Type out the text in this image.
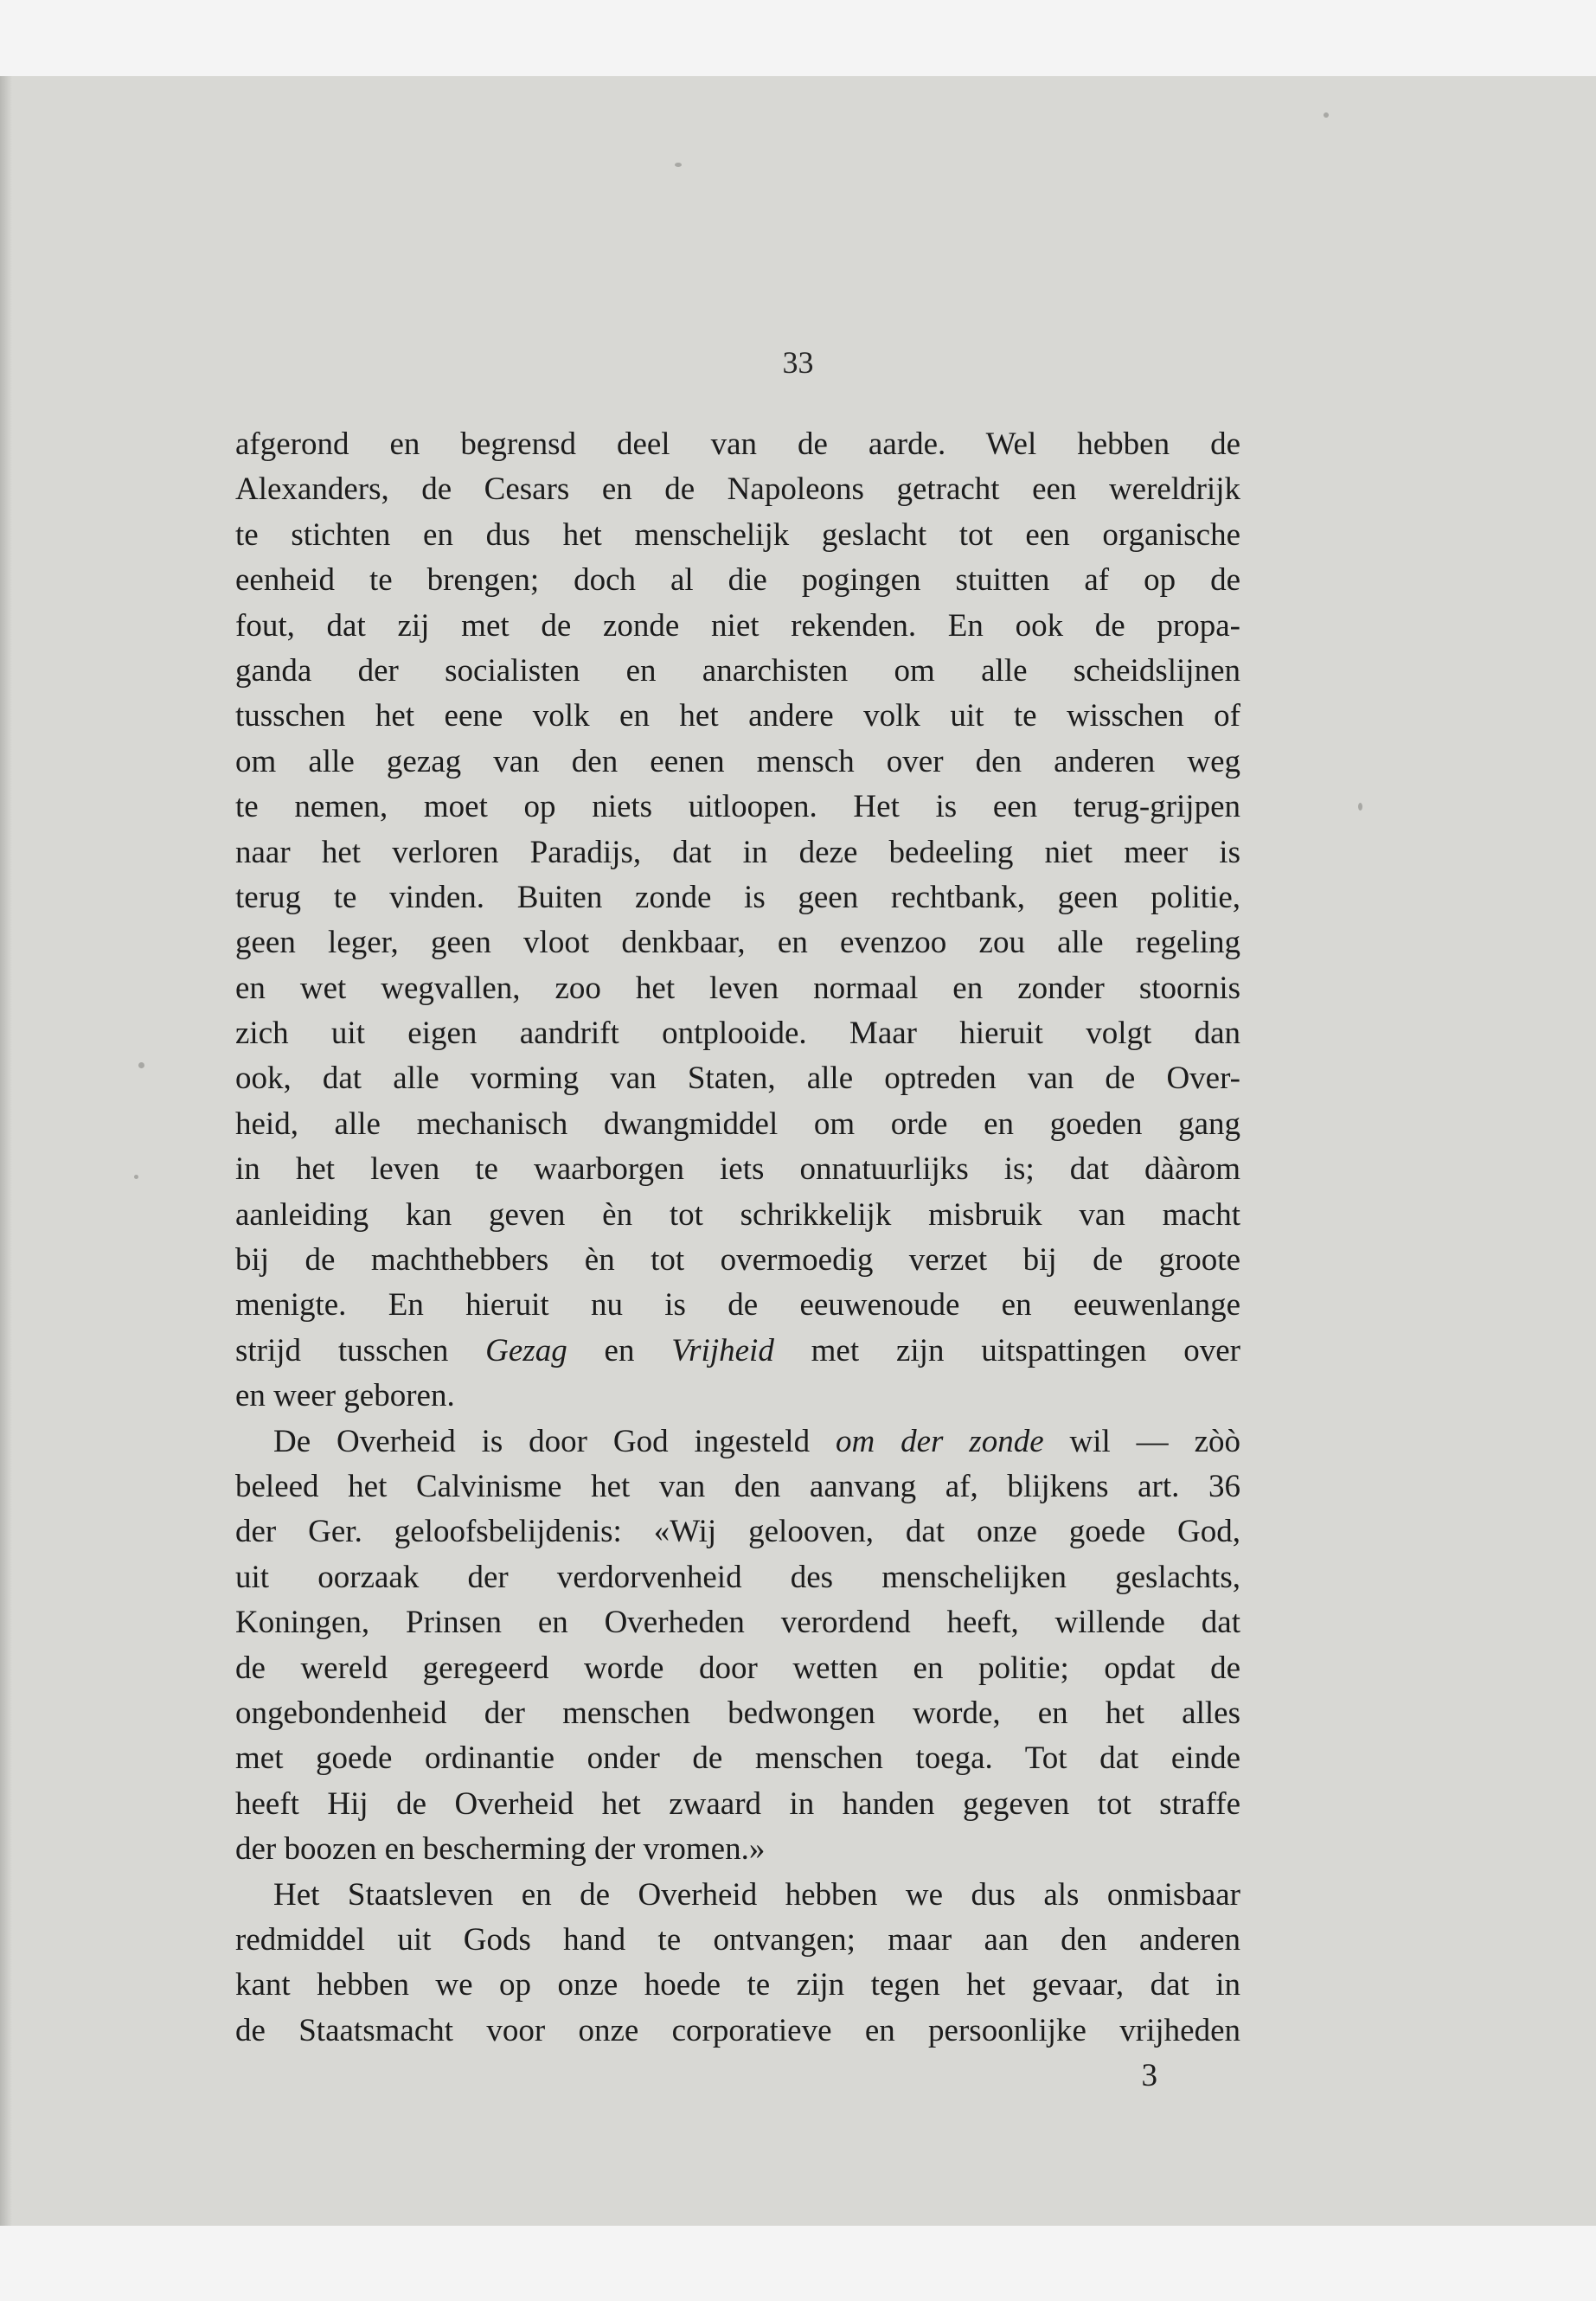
33
afgerond en begrensd deel van de aarde. Wel hebben de
Alexanders, de Cesars en de Napoleons getracht een wereldrijk
te stichten en dus het menschelijk geslacht tot een organische
eenheid te brengen; doch al die pogingen stuitten af op de
fout, dat zij met de zonde niet rekenden. En ook de propa-
ganda der socialisten en anarchisten om alle scheidslijnen
tusschen het eene volk en het andere volk uit te wisschen of
om alle gezag van den eenen mensch over den anderen weg
te nemen, moet op niets uitloopen. Het is een terug-grijpen
naar het verloren Paradijs, dat in deze bedeeling niet meer is
terug te vinden. Buiten zonde is geen rechtbank, geen politie,
geen leger, geen vloot denkbaar, en evenzoo zou alle regeling
en wet wegvallen, zoo het leven normaal en zonder stoornis
zich uit eigen aandrift ontplooide. Maar hieruit volgt dan
ook, dat alle vorming van Staten, alle optreden van de Over-
heid, alle mechanisch dwangmiddel om orde en goeden gang
in het leven te waarborgen iets onnatuurlijks is; dat dààrom
aanleiding kan geven èn tot schrikkelijk misbruik van macht
bij de machthebbers èn tot overmoedig verzet bij de groote
menigte. En hieruit nu is de eeuwenoude en eeuwenlange
strijd tusschen Gezag en Vrijheid met zijn uitspattingen over
en weer geboren.
De Overheid is door God ingesteld om der zonde wil — zòò
beleed het Calvinisme het van den aanvang af, blijkens art. 36
der Ger. geloofsbelijdenis: «Wij gelooven, dat onze goede God,
uit oorzaak der verdorvenheid des menschelijken geslachts,
Koningen, Prinsen en Overheden verordend heeft, willende dat
de wereld geregeerd worde door wetten en politie; opdat de
ongebondenheid der menschen bedwongen worde, en het alles
met goede ordinantie onder de menschen toega. Tot dat einde
heeft Hij de Overheid het zwaard in handen gegeven tot straffe
der boozen en bescherming der vromen.»
Het Staatsleven en de Overheid hebben we dus als onmisbaar
redmiddel uit Gods hand te ontvangen; maar aan den anderen
kant hebben we op onze hoede te zijn tegen het gevaar, dat in
de Staatsmacht voor onze corporatieve en persoonlijke vrijheden
3
